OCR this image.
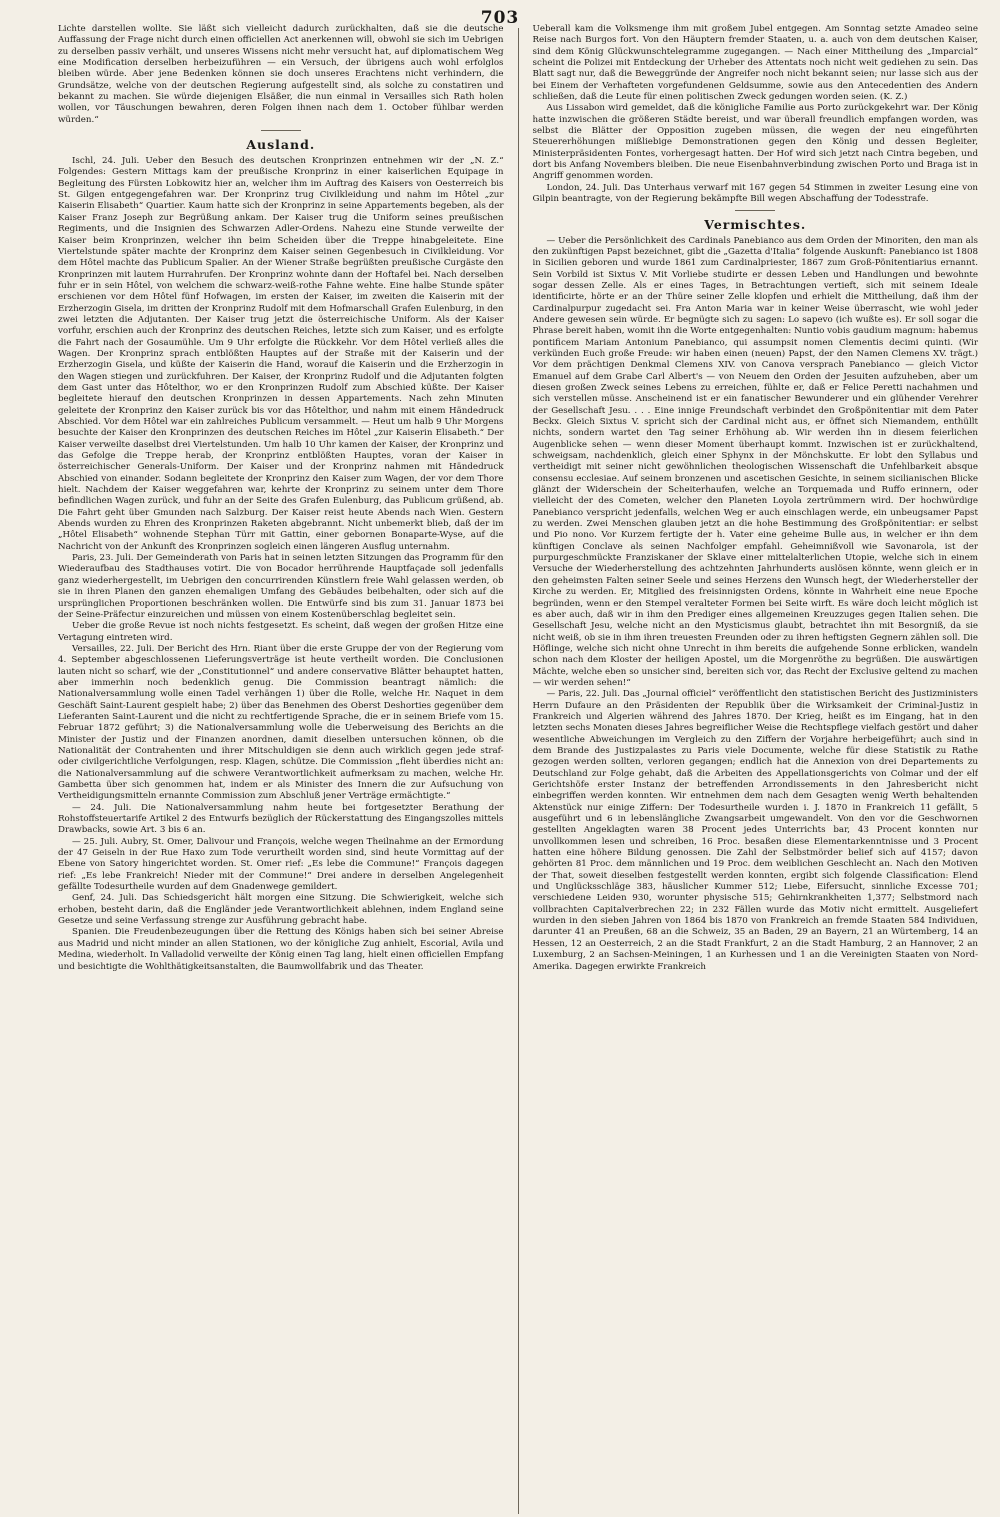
703

Lichte darstellen wollte. Sie läßt sich vielleicht dadurch zurückhalten, daß sie die deutsche Auffassung der Frage nicht durch einen officiellen Act anerkennen will, obwohl sie sich im Uebrigen zu derselben passiv verhält, und unseres Wissens nicht mehr versucht hat, auf diplomatischem Weg eine Modification derselben herbeizuführen — ein Versuch, der übrigens auch wohl erfolglos bleiben würde. Aber jene Bedenken können sie doch unseres Erachtens nicht verhindern, die Grundsätze, welche von der deutschen Regierung aufgestellt sind, als solche zu constatiren und bekannt zu machen. Sie würde diejenigen Elsäßer, die nun einmal in Versailles sich Rath holen wollen, vor Täuschungen bewahren, deren Folgen ihnen nach dem 1. October fühlbar werden würden.“

Ausland.

Ischl, 24. Juli. Ueber den Besuch des deutschen Kronprinzen entnehmen wir der „N. Z.“ Folgendes: Gestern Mittags kam der preußische Kronprinz in einer kaiserlichen Equipage in Begleitung des Fürsten Lobkowitz hier an, welcher ihm im Auftrag des Kaisers von Oesterreich bis St. Gilgen entgegengefahren war. Der Kronprinz trug Civilkleidung und nahm im Hôtel „zur Kaiserin Elisabeth“ Quartier. Kaum hatte sich der Kronprinz in seine Appartements begeben, als der Kaiser Franz Joseph zur Begrüßung ankam. Der Kaiser trug die Uniform seines preußischen Regiments, und die Insignien des Schwarzen Adler-Ordens. Nahezu eine Stunde verweilte der Kaiser beim Kronprinzen, welcher ihn beim Scheiden über die Treppe hinabgeleitete. Eine Viertelstunde später machte der Kronprinz dem Kaiser seinen Gegenbesuch in Civilkleidung. Vor dem Hôtel machte das Publicum Spalier. An der Wiener Straße begrüßten preußische Curgäste den Kronprinzen mit lautem Hurrahrufen. Der Kronprinz wohnte dann der Hoftafel bei. Nach derselben fuhr er in sein Hôtel, von welchem die schwarz-weiß-rothe Fahne wehte. Eine halbe Stunde später erschienen vor dem Hôtel fünf Hofwagen, im ersten der Kaiser, im zweiten die Kaiserin mit der Erzherzogin Gisela, im dritten der Kronprinz Rudolf mit dem Hofmarschall Grafen Eulenburg, in den zwei letzten die Adjutanten. Der Kaiser trug jetzt die österreichische Uniform. Als der Kaiser vorfuhr, erschien auch der Kronprinz des deutschen Reiches, letzte sich zum Kaiser, und es erfolgte die Fahrt nach der Gosaumühle. Um 9 Uhr erfolgte die Rückkehr. Vor dem Hôtel verließ alles die Wagen. Der Kronprinz sprach entblößten Hauptes auf der Straße mit der Kaiserin und der Erzherzogin Gisela, und küßte der Kaiserin die Hand, worauf die Kaiserin und die Erzherzogin in den Wagen stiegen und zurückfuhren. Der Kaiser, der Kronprinz Rudolf und die Adjutanten folgten dem Gast unter das Hôtelthor, wo er den Kronprinzen Rudolf zum Abschied küßte. Der Kaiser begleitete hierauf den deutschen Kronprinzen in dessen Appartements. Nach zehn Minuten geleitete der Kronprinz den Kaiser zurück bis vor das Hôtelthor, und nahm mit einem Händedruck Abschied. Vor dem Hôtel war ein zahlreiches Publicum versammelt. — Heut um halb 9 Uhr Morgens besuchte der Kaiser den Kronprinzen des deutschen Reiches im Hôtel „zur Kaiserin Elisabeth.“ Der Kaiser verweilte daselbst drei Viertelstunden. Um halb 10 Uhr kamen der Kaiser, der Kronprinz und das Gefolge die Treppe herab, der Kronprinz entblößten Hauptes, voran der Kaiser in österreichischer Generals-Uniform. Der Kaiser und der Kronprinz nahmen mit Händedruck Abschied von einander. Sodann begleitete der Kronprinz den Kaiser zum Wagen, der vor dem Thore hielt. Nachdem der Kaiser weggefahren war, kehrte der Kronprinz zu seinem unter dem Thore befindlichen Wagen zurück, und fuhr an der Seite des Grafen Eulenburg, das Publicum grüßend, ab. Die Fahrt geht über Gmunden nach Salzburg. Der Kaiser reist heute Abends nach Wien. Gestern Abends wurden zu Ehren des Kronprinzen Raketen abgebrannt. Nicht unbemerkt blieb, daß der im „Hôtel Elisabeth“ wohnende Stephan Türr mit Gattin, einer gebornen Bonaparte-Wyse, auf die Nachricht von der Ankunft des Kronprinzen sogleich einen längeren Ausflug unternahm.

Paris, 23. Juli. Der Gemeinderath von Paris hat in seinen letzten Sitzungen das Programm für den Wiederaufbau des Stadthauses votirt. Die von Bocador herrührende Hauptfaçade soll jedenfalls ganz wiederhergestellt, im Uebrigen den concurrirenden Künstlern freie Wahl gelassen werden, ob sie in ihren Planen den ganzen ehemaligen Umfang des Gebäudes beibehalten, oder sich auf die ursprünglichen Proportionen beschränken wollen. Die Entwürfe sind bis zum 31. Januar 1873 bei der Seine-Präfectur einzureichen und müssen von einem Kostenüberschlag begleitet sein.

Ueber die große Revue ist noch nichts festgesetzt. Es scheint, daß wegen der großen Hitze eine Vertagung eintreten wird.

Versailles, 22. Juli. Der Bericht des Hrn. Riant über die erste Gruppe der von der Regierung vom 4. September abgeschlossenen Lieferungsverträge ist heute vertheilt worden. Die Conclusionen lauten nicht so scharf, wie der „Constitutionnel“ und andere conservative Blätter behauptet hatten, aber immerhin noch bedenklich genug. Die Commission beantragt nämlich: die Nationalversammlung wolle einen Tadel verhängen 1) über die Rolle, welche Hr. Naquet in dem Geschäft Saint-Laurent gespielt habe; 2) über das Benehmen des Oberst Deshorties gegenüber dem Lieferanten Saint-Laurent und die nicht zu rechtfertigende Sprache, die er in seinem Briefe vom 15. Februar 1872 geführt; 3) die Nationalversammlung wolle die Ueberweisung des Berichts an die Minister der Justiz und der Finanzen anordnen, damit dieselben untersuchen können, ob die Nationalität der Contrahenten und ihrer Mitschuldigen sie denn auch wirklich gegen jede straf- oder civilgerichtliche Verfolgungen, resp. Klagen, schütze. Die Commission „fleht überdies nicht an: die Nationalversammlung auf die schwere Verantwortlichkeit aufmerksam zu machen, welche Hr. Gambetta über sich genommen hat, indem er als Minister des Innern die zur Aufsuchung von Vertheidigungsmitteln ernannte Commission zum Abschluß jener Verträge ermächtigte.“

— 24. Juli. Die Nationalversammlung nahm heute bei fortgesetzter Berathung der Rohstoffsteuertarife Artikel 2 des Entwurfs bezüglich der Rückerstattung des Eingangszolles mittels Drawbacks, sowie Art. 3 bis 6 an.

— 25. Juli. Aubry, St. Omer, Dalivour und François, welche wegen Theilnahme an der Ermordung der 47 Geiseln in der Rue Haxo zum Tode verurtheilt worden sind, sind heute Vormittag auf der Ebene von Satory hingerichtet worden. St. Omer rief: „Es lebe die Commune!“ François dagegen rief: „Es lebe Frankreich! Nieder mit der Commune!“ Drei andere in derselben Angelegenheit gefällte Todesurtheile wurden auf dem Gnadenwege gemildert.

Genf, 24. Juli. Das Schiedsgericht hält morgen eine Sitzung. Die Schwierigkeit, welche sich erhoben, besteht darin, daß die Engländer jede Verantwortlichkeit ablehnen, indem England seine Gesetze und seine Verfassung strenge zur Ausführung gebracht habe.

Spanien. Die Freudenbezeugungen über die Rettung des Königs haben sich bei seiner Abreise aus Madrid und nicht minder an allen Stationen, wo der königliche Zug anhielt, Escorial, Avila und Medina, wiederholt. In Valladolid verweilte der König einen Tag lang, hielt einen officiellen Empfang und besichtigte die Wohlthätigkeitsanstalten, die Baumwollfabrik und das Theater.

Ueberall kam die Volksmenge ihm mit großem Jubel entgegen. Am Sonntag setzte Amadeo seine Reise nach Burgos fort. Von den Häuptern fremder Staaten, u. a. auch von dem deutschen Kaiser, sind dem König Glückwunschtelegramme zugegangen. — Nach einer Mittheilung des „Imparcial“ scheint die Polizei mit Entdeckung der Urheber des Attentats noch nicht weit gediehen zu sein. Das Blatt sagt nur, daß die Beweggründe der Angreifer noch nicht bekannt seien; nur lasse sich aus der bei Einem der Verhafteten vorgefundenen Geldsumme, sowie aus den Antecedentien des Andern schließen, daß die Leute für einen politischen Zweck gedungen worden seien. (K. Z.)

Aus Lissabon wird gemeldet, daß die königliche Familie aus Porto zurückgekehrt war. Der König hatte inzwischen die größeren Städte bereist, und war überall freundlich empfangen worden, was selbst die Blätter der Opposition zugeben müssen, die wegen der neu eingeführten Steuererhöhungen mißliebige Demonstrationen gegen den König und dessen Begleiter, Ministerpräsidenten Fontes, vorhergesagt hatten. Der Hof wird sich jetzt nach Cintra begeben, und dort bis Anfang Novembers bleiben. Die neue Eisenbahnverbindung zwischen Porto und Braga ist in Angriff genommen worden.

London, 24. Juli. Das Unterhaus verwarf mit 167 gegen 54 Stimmen in zweiter Lesung eine von Gilpin beantragte, von der Regierung bekämpfte Bill wegen Abschaffung der Todesstrafe.

Vermischtes.

— Ueber die Persönlichkeit des Cardinals Panebianco aus dem Orden der Minoriten, den man als den zukünftigen Papst bezeichnet, gibt die „Gazetta d'Italia“ folgende Auskunft: Panebianco ist 1808 in Sicilien geboren und wurde 1861 zum Cardinalpriester, 1867 zum Groß-Pönitentiarius ernannt. Sein Vorbild ist Sixtus V. Mit Vorliebe studirte er dessen Leben und Handlungen und bewohnte sogar dessen Zelle. Als er eines Tages, in Betrachtungen vertieft, sich mit seinem Ideale identificirte, hörte er an der Thüre seiner Zelle klopfen und erhielt die Mittheilung, daß ihm der Cardinalpurpur zugedacht sei. Fra Anton Maria war in keiner Weise überrascht, wie wohl jeder Andere gewesen sein würde. Er begnügte sich zu sagen: Lo sapevo (ich wußte es). Er soll sogar die Phrase bereit haben, womit ihn die Worte entgegenhalten: Nuntio vobis gaudium magnum: habemus pontificem Mariam Antonium Panebianco, qui assumpsit nomen Clementis decimi quinti. (Wir verkünden Euch große Freude: wir haben einen (neuen) Papst, der den Namen Clemens XV. trägt.) Vor dem prächtigen Denkmal Clemens XIV. von Canova versprach Panebianco — gleich Victor Emanuel auf dem Grabe Carl Albert's — von Neuem den Orden der Jesuiten aufzuheben, aber um diesen großen Zweck seines Lebens zu erreichen, fühlte er, daß er Felice Peretti nachahmen und sich verstellen müsse. Anscheinend ist er ein fanatischer Bewunderer und ein glühender Verehrer der Gesellschaft Jesu. . . . Eine innige Freundschaft verbindet den Großpönitentiar mit dem Pater Beckx. Gleich Sixtus V. spricht sich der Cardinal nicht aus, er öffnet sich Niemandem, enthüllt nichts, sondern wartet den Tag seiner Erhöhung ab. Wir werden ihn in diesem feierlichen Augenblicke sehen — wenn dieser Moment überhaupt kommt. Inzwischen ist er zurückhaltend, schweigsam, nachdenklich, gleich einer Sphynx in der Mönchskutte. Er lobt den Syllabus und vertheidigt mit seiner nicht gewöhnlichen theologischen Wissenschaft die Unfehlbarkeit absque consensu ecclesiae. Auf seinem bronzenen und ascetischen Gesichte, in seinem sicilianischen Blicke glänzt der Widerschein der Scheiterhaufen, welche an Torquemada und Ruffo erinnern, oder vielleicht der des Cometen, welcher den Planeten Loyola zertrümmern wird. Der hochwürdige Panebianco verspricht jedenfalls, welchen Weg er auch einschlagen werde, ein unbeugsamer Papst zu werden. Zwei Menschen glauben jetzt an die hohe Bestimmung des Großpönitentiar: er selbst und Pio nono. Vor Kurzem fertigte der h. Vater eine geheime Bulle aus, in welcher er ihn dem künftigen Conclave als seinen Nachfolger empfahl. Geheimnißvoll wie Savonarola, ist der purpurgeschmückte Franziskaner der Sklave einer mittelalterlichen Utopie, welche sich in einem Versuche der Wiederherstellung des achtzehnten Jahrhunderts auslösen könnte, wenn gleich er in den geheimsten Falten seiner Seele und seines Herzens den Wunsch hegt, der Wiederhersteller der Kirche zu werden. Er, Mitglied des freisinnigsten Ordens, könnte in Wahrheit eine neue Epoche begründen, wenn er den Stempel veralteter Formen bei Seite wirft. Es wäre doch leicht möglich ist es aber auch, daß wir in ihm den Prediger eines allgemeinen Kreuzzuges gegen Italien sehen. Die Gesellschaft Jesu, welche nicht an den Mysticismus glaubt, betrachtet ihn mit Besorgniß, da sie nicht weiß, ob sie in ihm ihren treuesten Freunden oder zu ihren heftigsten Gegnern zählen soll. Die Höflinge, welche sich nicht ohne Unrecht in ihm bereits die aufgehende Sonne erblicken, wandeln schon nach dem Kloster der heiligen Apostel, um die Morgenröthe zu begrüßen. Die auswärtigen Mächte, welche eben so unsicher sind, bereiten sich vor, das Recht der Exclusive geltend zu machen — wir werden sehen!“

— Paris, 22. Juli. Das „Journal officiel“ veröffentlicht den statistischen Bericht des Justizministers Herrn Dufaure an den Präsidenten der Republik über die Wirksamkeit der Criminal-Justiz in Frankreich und Algerien während des Jahres 1870. Der Krieg, heißt es im Eingang, hat in den letzten sechs Monaten dieses Jahres begreiflicher Weise die Rechtspflege vielfach gestört und daher wesentliche Abweichungen im Vergleich zu den Ziffern der Vorjahre herbeigeführt; auch sind in dem Brande des Justizpalastes zu Paris viele Documente, welche für diese Statistik zu Rathe gezogen werden sollten, verloren gegangen; endlich hat die Annexion von drei Departements zu Deutschland zur Folge gehabt, daß die Arbeiten des Appellationsgerichts von Colmar und der elf Gerichtshöfe erster Instanz der betreffenden Arrondissements in den Jahresbericht nicht einbegriffen werden konnten. Wir entnehmen dem nach dem Gesagten wenig Werth behaltenden Aktenstück nur einige Ziffern: Der Todesurtheile wurden i. J. 1870 in Frankreich 11 gefällt, 5 ausgeführt und 6 in lebenslängliche Zwangsarbeit umgewandelt. Von den vor die Geschwornen gestellten Angeklagten waren 38 Procent jedes Unterrichts bar, 43 Procent konnten nur unvollkommen lesen und schreiben, 16 Proc. besaßen diese Elementarkenntnisse und 3 Procent hatten eine höhere Bildung genossen. Die Zahl der Selbstmörder belief sich auf 4157; davon gehörten 81 Proc. dem männlichen und 19 Proc. dem weiblichen Geschlecht an. Nach den Motiven der That, soweit dieselben festgestellt werden konnten, ergibt sich folgende Classification: Elend und Unglücksschläge 383, häuslicher Kummer 512; Liebe, Eifersucht, sinnliche Excesse 701; verschiedene Leiden 930, worunter physische 515; Gehirnkrankheiten 1,377; Selbstmord nach vollbrachten Capitalverbrechen 22; in 232 Fällen wurde das Motiv nicht ermittelt. Ausgeliefert wurden in den sieben Jahren von 1864 bis 1870 von Frankreich an fremde Staaten 584 Individuen, darunter 41 an Preußen, 68 an die Schweiz, 35 an Baden, 29 an Bayern, 21 an Würtemberg, 14 an Hessen, 12 an Oesterreich, 2 an die Stadt Frankfurt, 2 an die Stadt Hamburg, 2 an Hannover, 2 an Luxemburg, 2 an Sachsen-Meiningen, 1 an Kurhessen und 1 an die Vereinigten Staaten von Nord-Amerika. Dagegen erwirkte Frankreich
